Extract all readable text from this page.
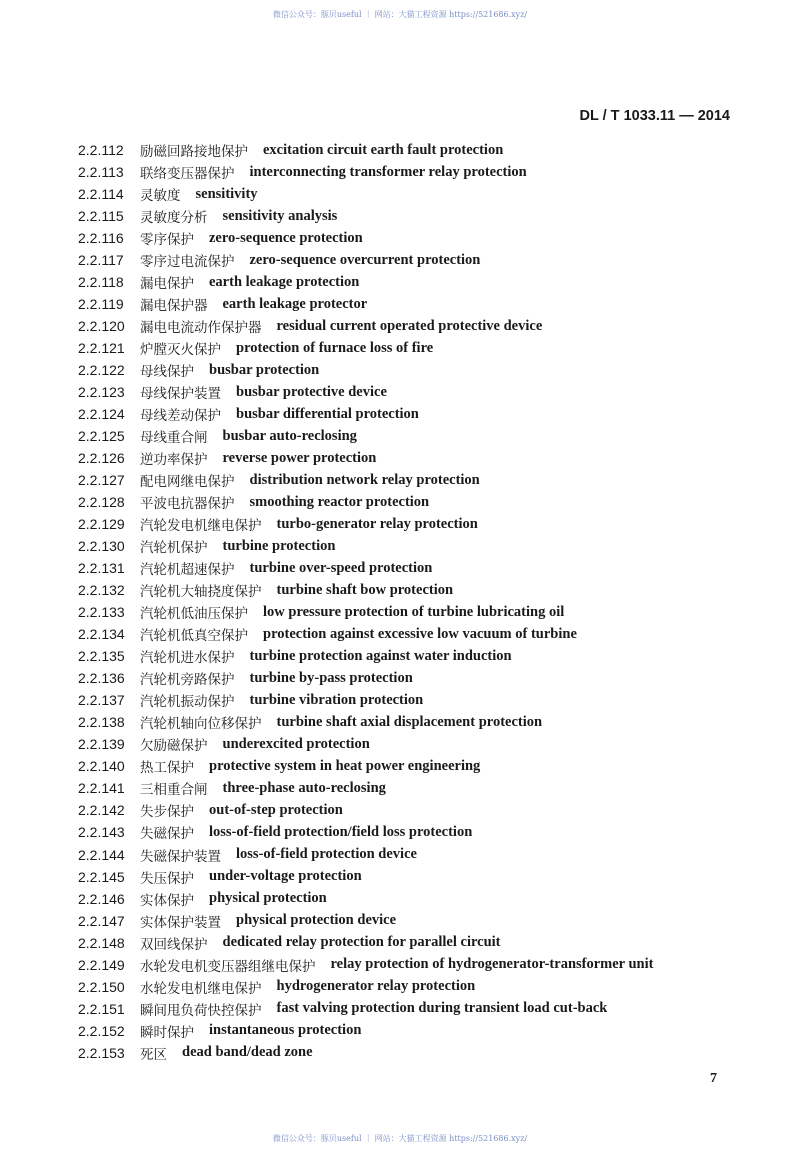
微信公众号：豚贝useful ｜ 网站：大猫工程资源 https://521686.xyz/
DL / T 1033.11 — 2014
2.2.112	励磁回路接地保护 excitation circuit earth fault protection
2.2.113	联络变压器保护 interconnecting transformer relay protection
2.2.114	灵敏度 sensitivity
2.2.115	灵敏度分析 sensitivity analysis
2.2.116	零序保护 zero-sequence protection
2.2.117	零序过电流保护 zero-sequence overcurrent protection
2.2.118	漏电保护 earth leakage protection
2.2.119	漏电保护器 earth leakage protector
2.2.120	漏电电流动作保护器 residual current operated protective device
2.2.121	炉膛灭火保护 protection of furnace loss of fire
2.2.122	母线保护 busbar protection
2.2.123	母线保护装置 busbar protective device
2.2.124	母线差动保护 busbar differential protection
2.2.125	母线重合闸 busbar auto-reclosing
2.2.126	逆功率保护 reverse power protection
2.2.127	配电网继电保护 distribution network relay protection
2.2.128	平波电抗器保护 smoothing reactor protection
2.2.129	汽轮发电机继电保护 turbo-generator relay protection
2.2.130	汽轮机保护 turbine protection
2.2.131	汽轮机超速保护 turbine over-speed protection
2.2.132	汽轮机大轴挠度保护 turbine shaft bow protection
2.2.133	汽轮机低油压保护 low pressure protection of turbine lubricating oil
2.2.134	汽轮机低真空保护 protection against excessive low vacuum of turbine
2.2.135	汽轮机进水保护 turbine protection against water induction
2.2.136	汽轮机旁路保护 turbine by-pass protection
2.2.137	汽轮机振动保护 turbine vibration protection
2.2.138	汽轮机轴向位移保护 turbine shaft axial displacement protection
2.2.139	欠励磁保护 underexcited protection
2.2.140	热工保护 protective system in heat power engineering
2.2.141	三相重合闸 three-phase auto-reclosing
2.2.142	失步保护 out-of-step protection
2.2.143	失磁保护 loss-of-field protection/field loss protection
2.2.144	失磁保护装置 loss-of-field protection device
2.2.145	失压保护 under-voltage protection
2.2.146	实体保护 physical protection
2.2.147	实体保护装置 physical protection device
2.2.148	双回线保护 dedicated relay protection for parallel circuit
2.2.149	水轮发电机变压器组继电保护 relay protection of hydrogenerator-transformer unit
2.2.150	水轮发电机继电保护 hydrogenerator relay protection
2.2.151	瞬间甩负荷快控保护 fast valving protection during transient load cut-back
2.2.152	瞬时保护 instantaneous protection
2.2.153	死区 dead band/dead zone
7
微信公众号：豚贝useful ｜ 网站：大猫工程资源 https://521686.xyz/
